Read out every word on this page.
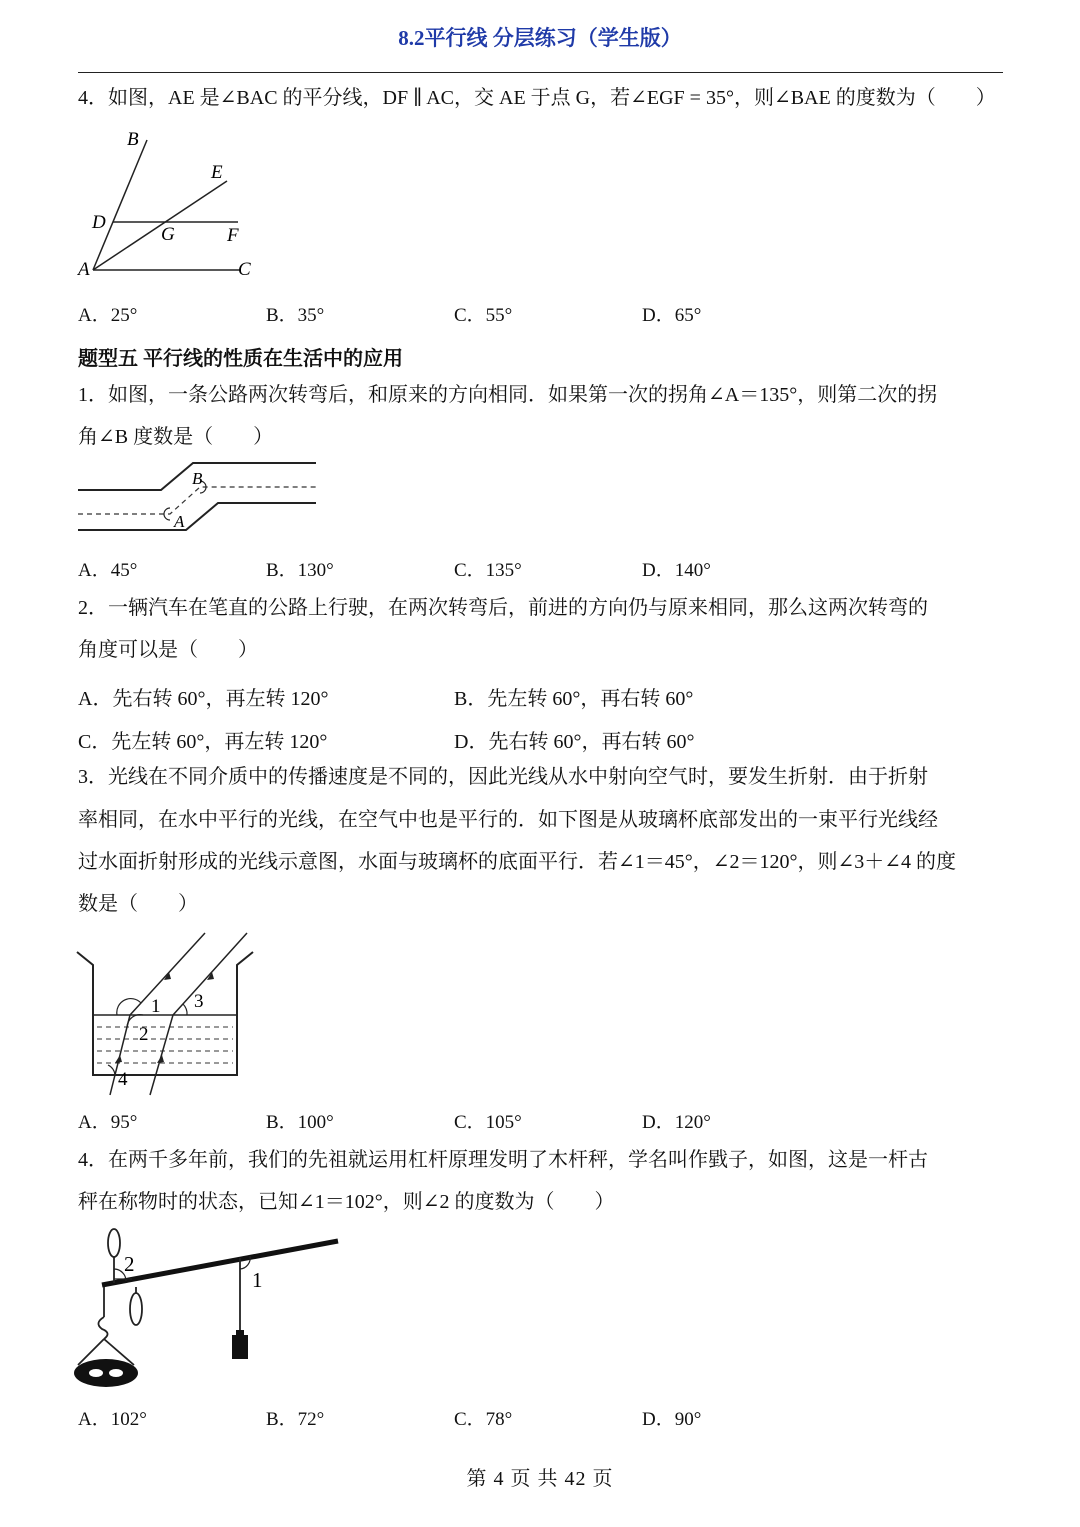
8.2平行线 分层练习（学生版）
4．如图，AE 是∠BAC 的平分线，DF ∥ AC，交 AE 于点 G，若∠EGF = 35°，则∠BAE 的度数为（　　）
B
E
D
G	F
A	C
A．25°	B．35°	C．55°	D．65°
题型五 平行线的性质在生活中的应用
1．如图，一条公路两次转弯后，和原来的方向相同．如果第一次的拐角∠A＝135°，则第二次的拐
角∠B 度数是（　　）
B
A
A．45°	B．130°	C．135°	D．140°
2．一辆汽车在笔直的公路上行驶，在两次转弯后，前进的方向仍与原来相同，那么这两次转弯的
角度可以是（　　）
A．先右转 60°，再左转 120°	B．先左转 60°，再右转 60°
C．先左转 60°，再左转 120°	D．先右转 60°，再右转 60°
3．光线在不同介质中的传播速度是不同的，因此光线从水中射向空气时，要发生折射．由于折射
率相同，在水中平行的光线，在空气中也是平行的．如下图是从玻璃杯底部发出的一束平行光线经
过水面折射形成的光线示意图，水面与玻璃杯的底面平行．若∠1＝45°，∠2＝120°，则∠3＋∠4 的度
数是（　　）
1
2
3
4
A．95°	B．100°	C．105°	D．120°
4．在两千多年前，我们的先祖就运用杠杆原理发明了木杆秤，学名叫作戥子，如图，这是一杆古
秤在称物时的状态，已知∠1＝102°，则∠2 的度数为（　　）
2
1
A．102°	B．72°	C．78°	D．90°
第 4 页 共 42 页
